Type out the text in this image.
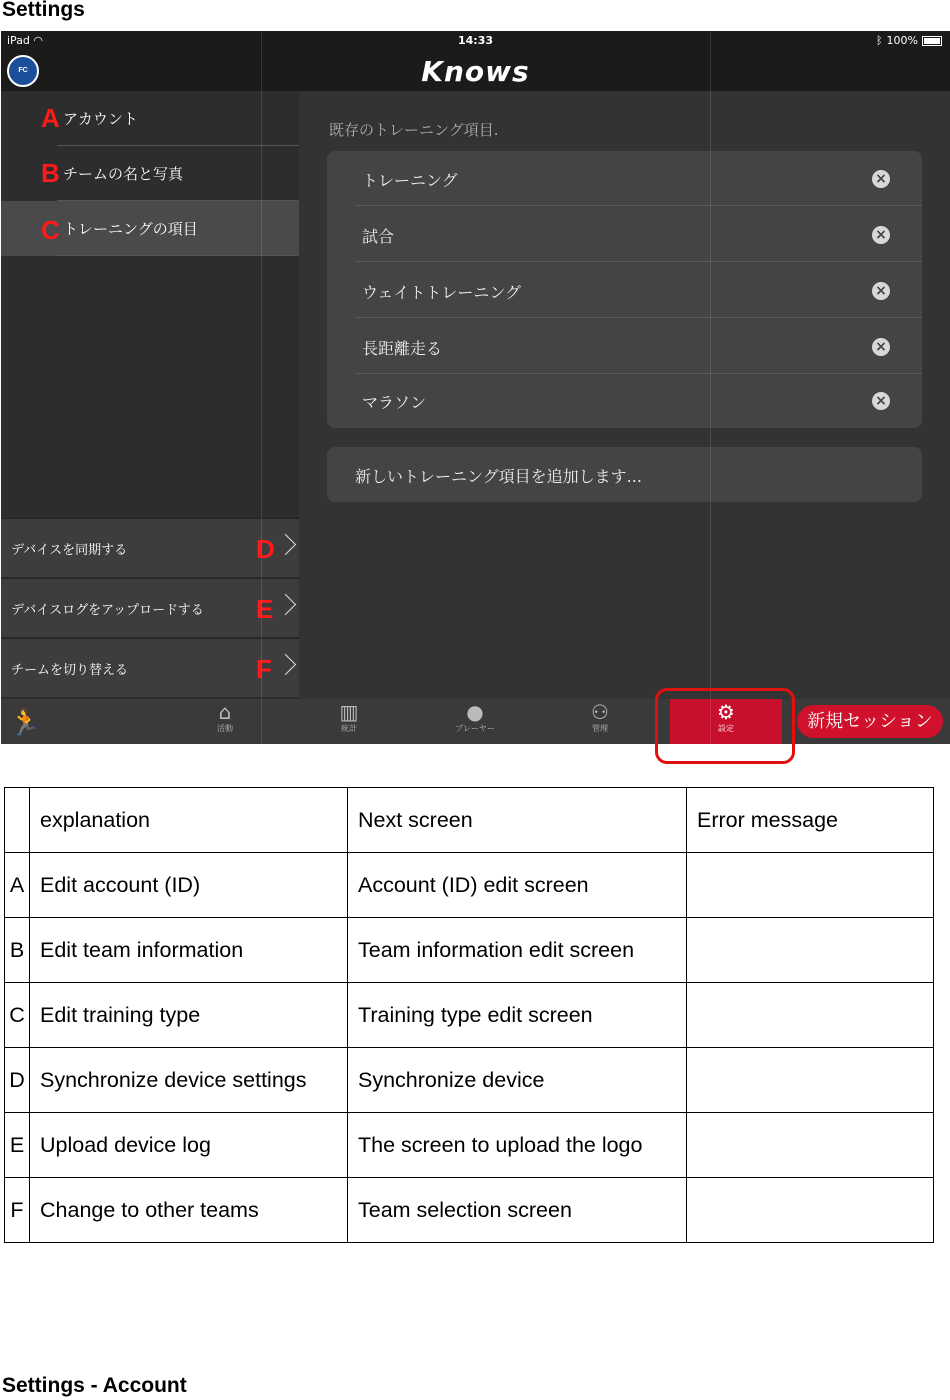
Settings
iPad ◠	14:33	ᛒ 100%
FC	Knows
A アカウント
B チームの名と写真
C トレーニングの項目
デバイスを同期する	D
デバイスログをアップロードする E
チームを切り替える	F
既存のトレーニング項目.
トレーニング	×
試合	×
ウェイトトレーニング	×
長距離走る	×
マラソン	×
新しいトレーニング項目を追加します...
🏃	⌂
活動
▥
統計
●
プレーヤー
⚇
管理
⚙
設定	新規セッション
	explanation	Next screen	Error message
A	Edit account (ID)	Account (ID) edit screen	
B	Edit team information	Team information edit screen	
C	Edit training type	Training type edit screen	
D	Synchronize device settings	Synchronize device	
E	Upload device log	The screen to upload the logo	
F	Change to other teams	Team selection screen	
Settings - Account
